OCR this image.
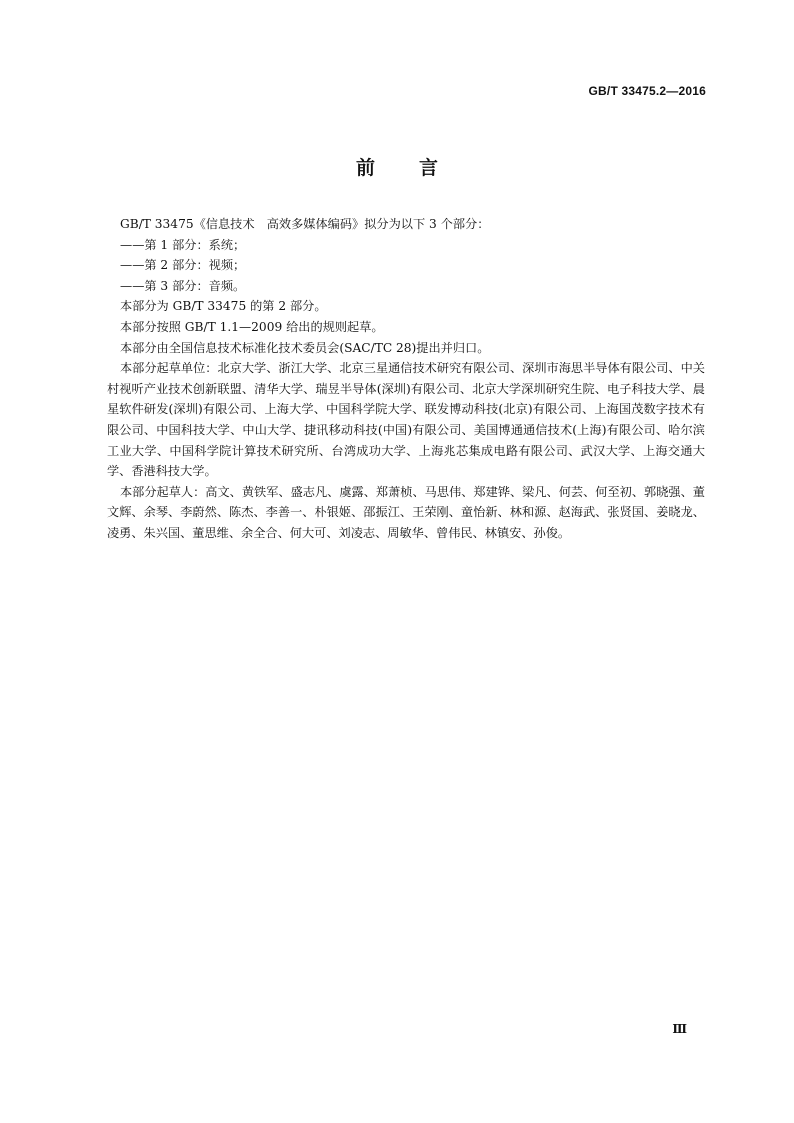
GB/T 33475.2—2016
前言

GB/T 33475《信息技术　高效多媒体编码》拟分为以下 3 个部分：

——第 1 部分：系统；

——第 2 部分：视频；

——第 3 部分：音频。

本部分为 GB/T 33475 的第 2 部分。

本部分按照 GB/T 1.1—2009 给出的规则起草。

本部分由全国信息技术标准化技术委员会(SAC/TC 28)提出并归口。

本部分起草单位：北京大学、浙江大学、北京三星通信技术研究有限公司、深圳市海思半导体有限公司、中关村视听产业技术创新联盟、清华大学、瑞昱半导体(深圳)有限公司、北京大学深圳研究生院、电子科技大学、晨星软件研发(深圳)有限公司、上海大学、中国科学院大学、联发博动科技(北京)有限公司、上海国茂数字技术有限公司、中国科技大学、中山大学、捷讯移动科技(中国)有限公司、美国博通通信技术(上海)有限公司、哈尔滨工业大学、中国科学院计算技术研究所、台湾成功大学、上海兆芯集成电路有限公司、武汉大学、上海交通大学、香港科技大学。

本部分起草人：高文、黄铁军、盛志凡、虞露、郑萧桢、马思伟、郑建铧、梁凡、何芸、何至初、郭晓强、董文辉、余琴、李蔚然、陈杰、李善一、朴银姬、邵振江、王荣刚、童怡新、林和源、赵海武、张贤国、姜晓龙、凌勇、朱兴国、董思维、余全合、何大可、刘凌志、周敏华、曾伟民、林镇安、孙俊。

Ⅲ
